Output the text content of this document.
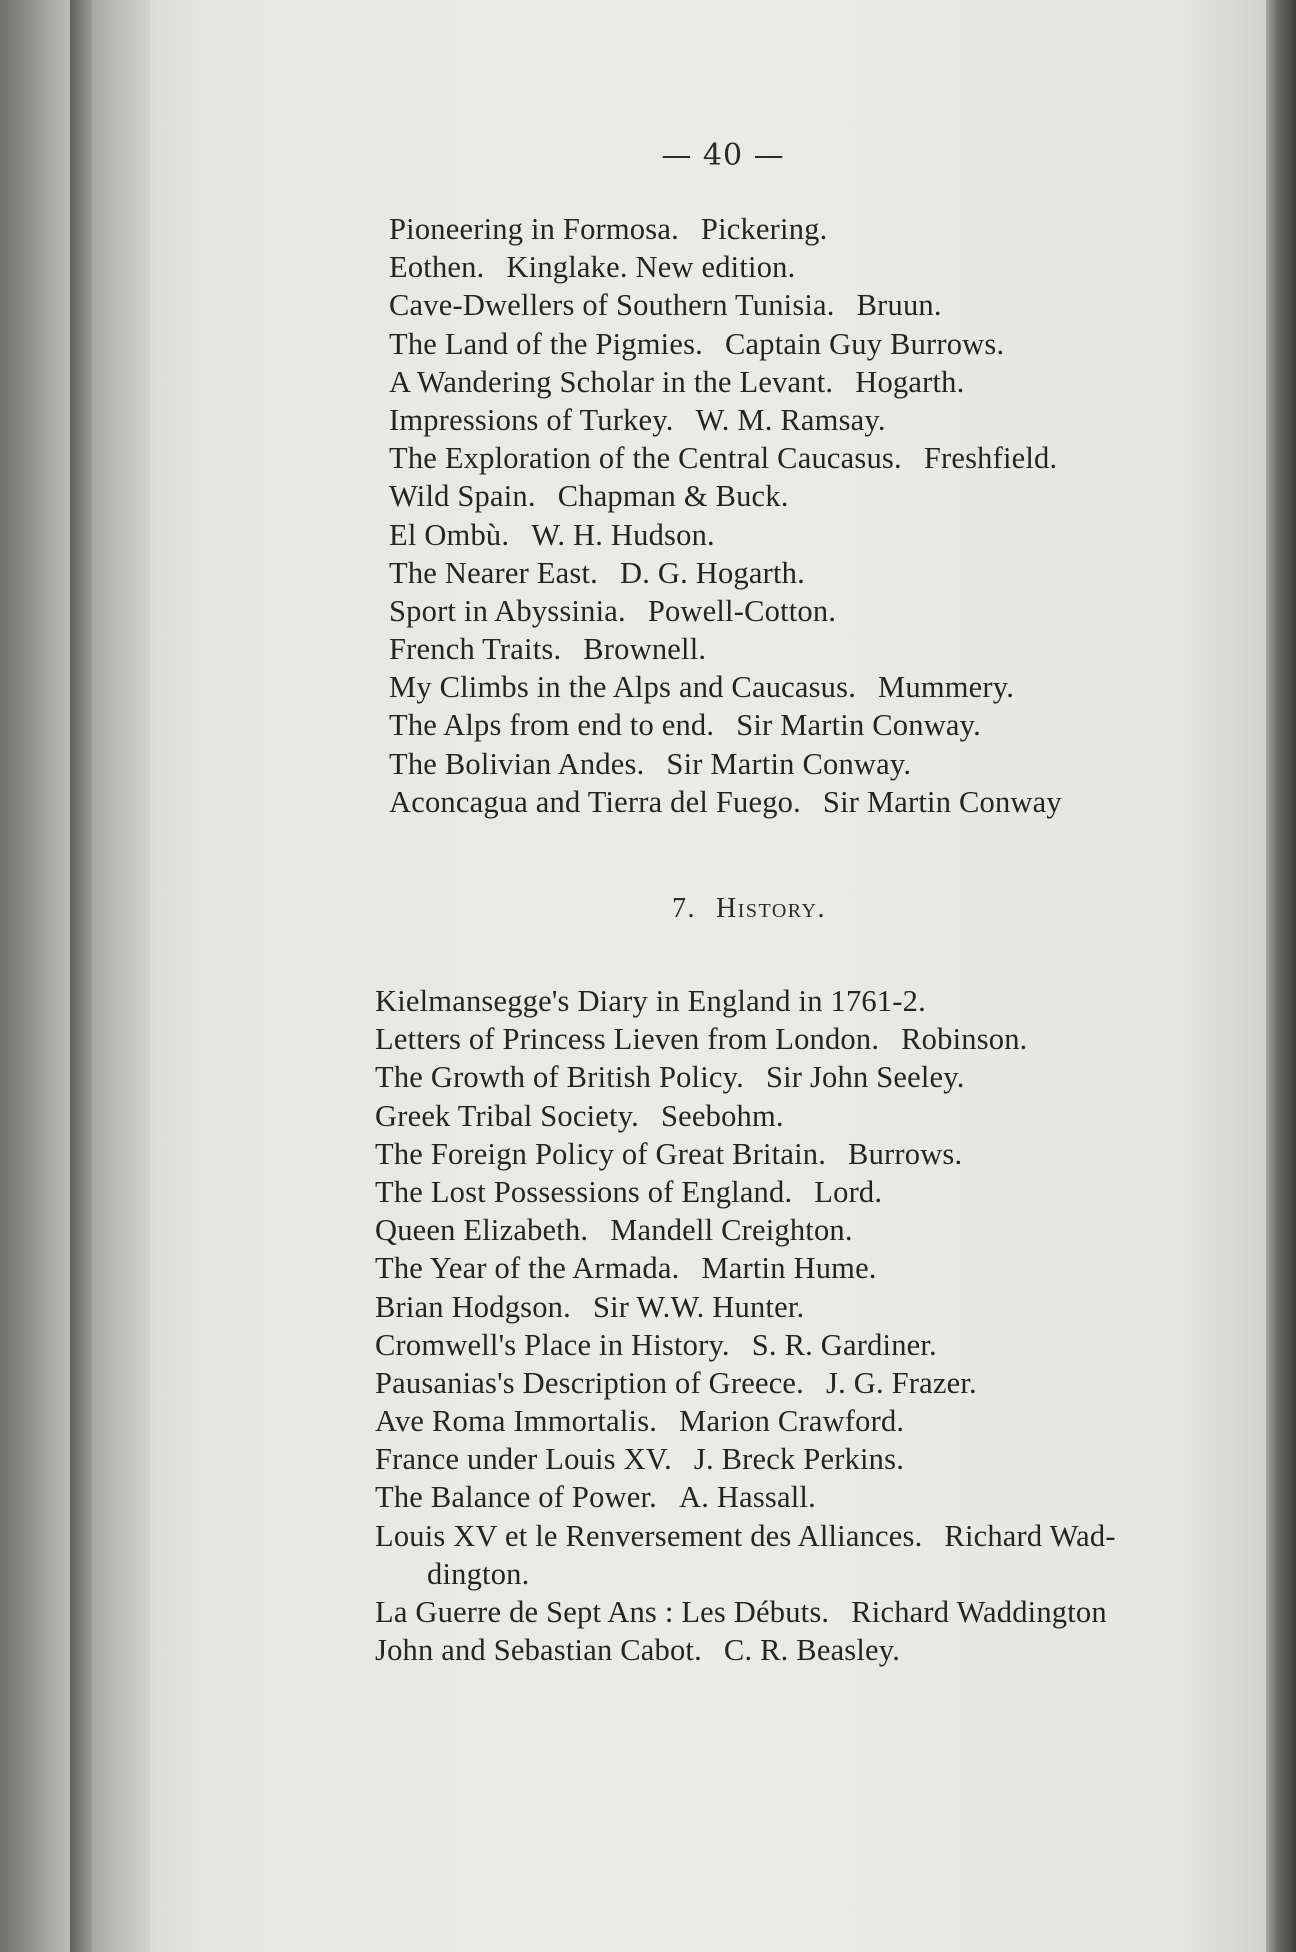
— 40 —
Pioneering in Formosa. Pickering.
Eothen. Kinglake. New edition.
Cave-Dwellers of Southern Tunisia. Bruun.
The Land of the Pigmies. Captain Guy Burrows.
A Wandering Scholar in the Levant. Hogarth.
Impressions of Turkey. W. M. Ramsay.
The Exploration of the Central Caucasus. Freshfield.
Wild Spain. Chapman & Buck.
El Ombù. W. H. Hudson.
The Nearer East. D. G. Hogarth.
Sport in Abyssinia. Powell-Cotton.
French Traits. Brownell.
My Climbs in the Alps and Caucasus. Mummery.
The Alps from end to end. Sir Martin Conway.
The Bolivian Andes. Sir Martin Conway.
Aconcagua and Tierra del Fuego. Sir Martin Conway
7. History.
Kielmansegge's Diary in England in 1761-2.
Letters of Princess Lieven from London. Robinson.
The Growth of British Policy. Sir John Seeley.
Greek Tribal Society. Seebohm.
The Foreign Policy of Great Britain. Burrows.
The Lost Possessions of England. Lord.
Queen Elizabeth. Mandell Creighton.
The Year of the Armada. Martin Hume.
Brian Hodgson. Sir W.W. Hunter.
Cromwell's Place in History. S. R. Gardiner.
Pausanias's Description of Greece. J. G. Frazer.
Ave Roma Immortalis. Marion Crawford.
France under Louis XV. J. Breck Perkins.
The Balance of Power. A. Hassall.
Louis XV et le Renversement des Alliances. Richard Wad-
dington.
La Guerre de Sept Ans : Les Débuts. Richard Waddington
John and Sebastian Cabot. C. R. Beasley.
